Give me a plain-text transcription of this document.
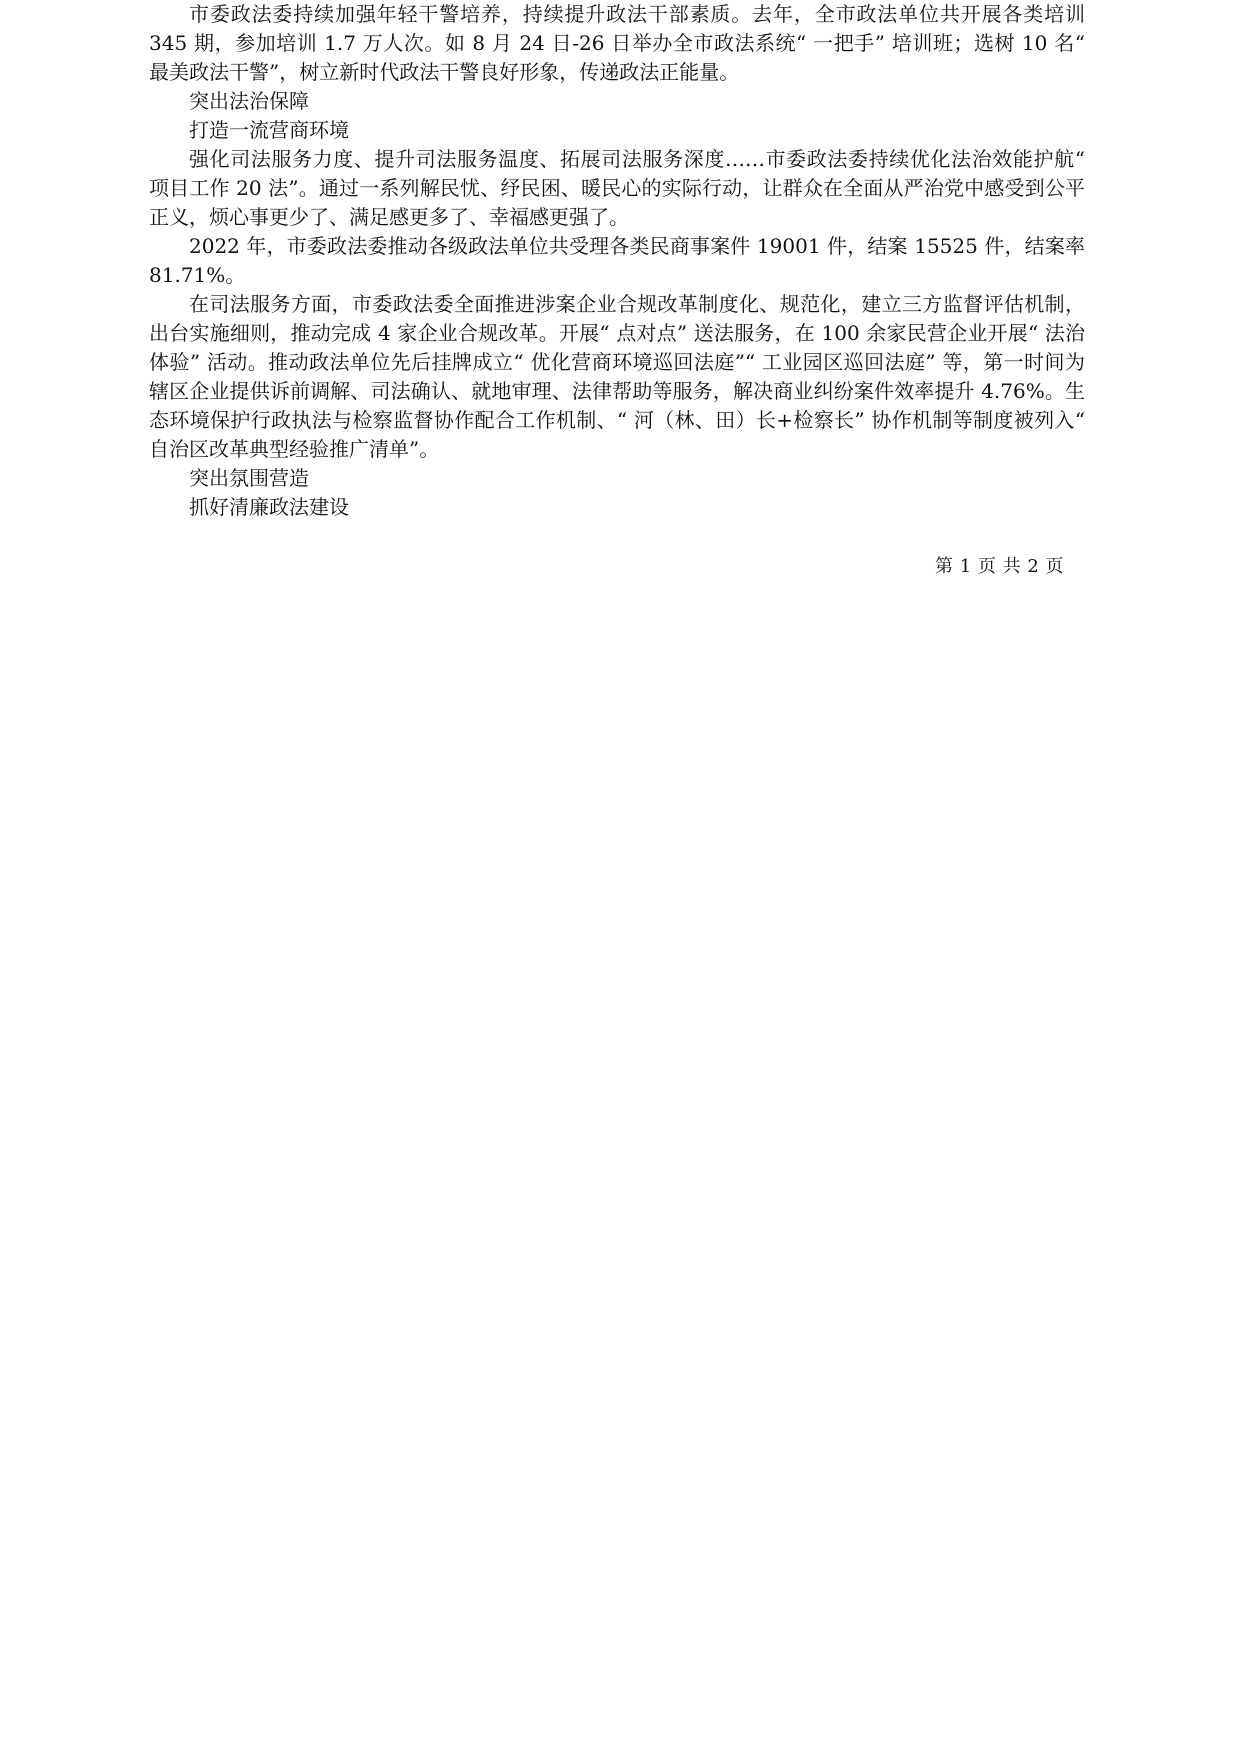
市委政法委持续加强年轻干警培养，持续提升政法干部素质。去年，全市政法单位共开展各类培训 345 期，参加培训 1.7 万人次。如 8 月 24 日-26 日举办全市政法系统“ 一把手” 培训班；选树 10 名“ 最美政法干警”，树立新时代政法干警良好形象，传递政法正能量。

突出法治保障

打造一流营商环境

强化司法服务力度、提升司法服务温度、拓展司法服务深度……市委政法委持续优化法治效能护航“ 项目工作 20 法”。通过一系列解民忧、纾民困、暖民心的实际行动，让群众在全面从严治党中感受到公平正义，烦心事更少了、满足感更多了、幸福感更强了。

2022 年，市委政法委推动各级政法单位共受理各类民商事案件 19001 件，结案 15525 件，结案率 81.71%。

在司法服务方面，市委政法委全面推进涉案企业合规改革制度化、规范化，建立三方监督评估机制，出台实施细则，推动完成 4 家企业合规改革。开展“ 点对点” 送法服务，在 100 余家民营企业开展“ 法治体验” 活动。推动政法单位先后挂牌成立“ 优化营商环境巡回法庭”“ 工业园区巡回法庭” 等，第一时间为辖区企业提供诉前调解、司法确认、就地审理、法律帮助等服务，解决商业纠纷案件效率提升 4.76%。生态环境保护行政执法与检察监督协作配合工作机制、“ 河（林、田）长+检察长” 协作机制等制度被列入“ 自治区改革典型经验推广清单”。

突出氛围营造

抓好清廉政法建设

第 1 页 共 2 页
